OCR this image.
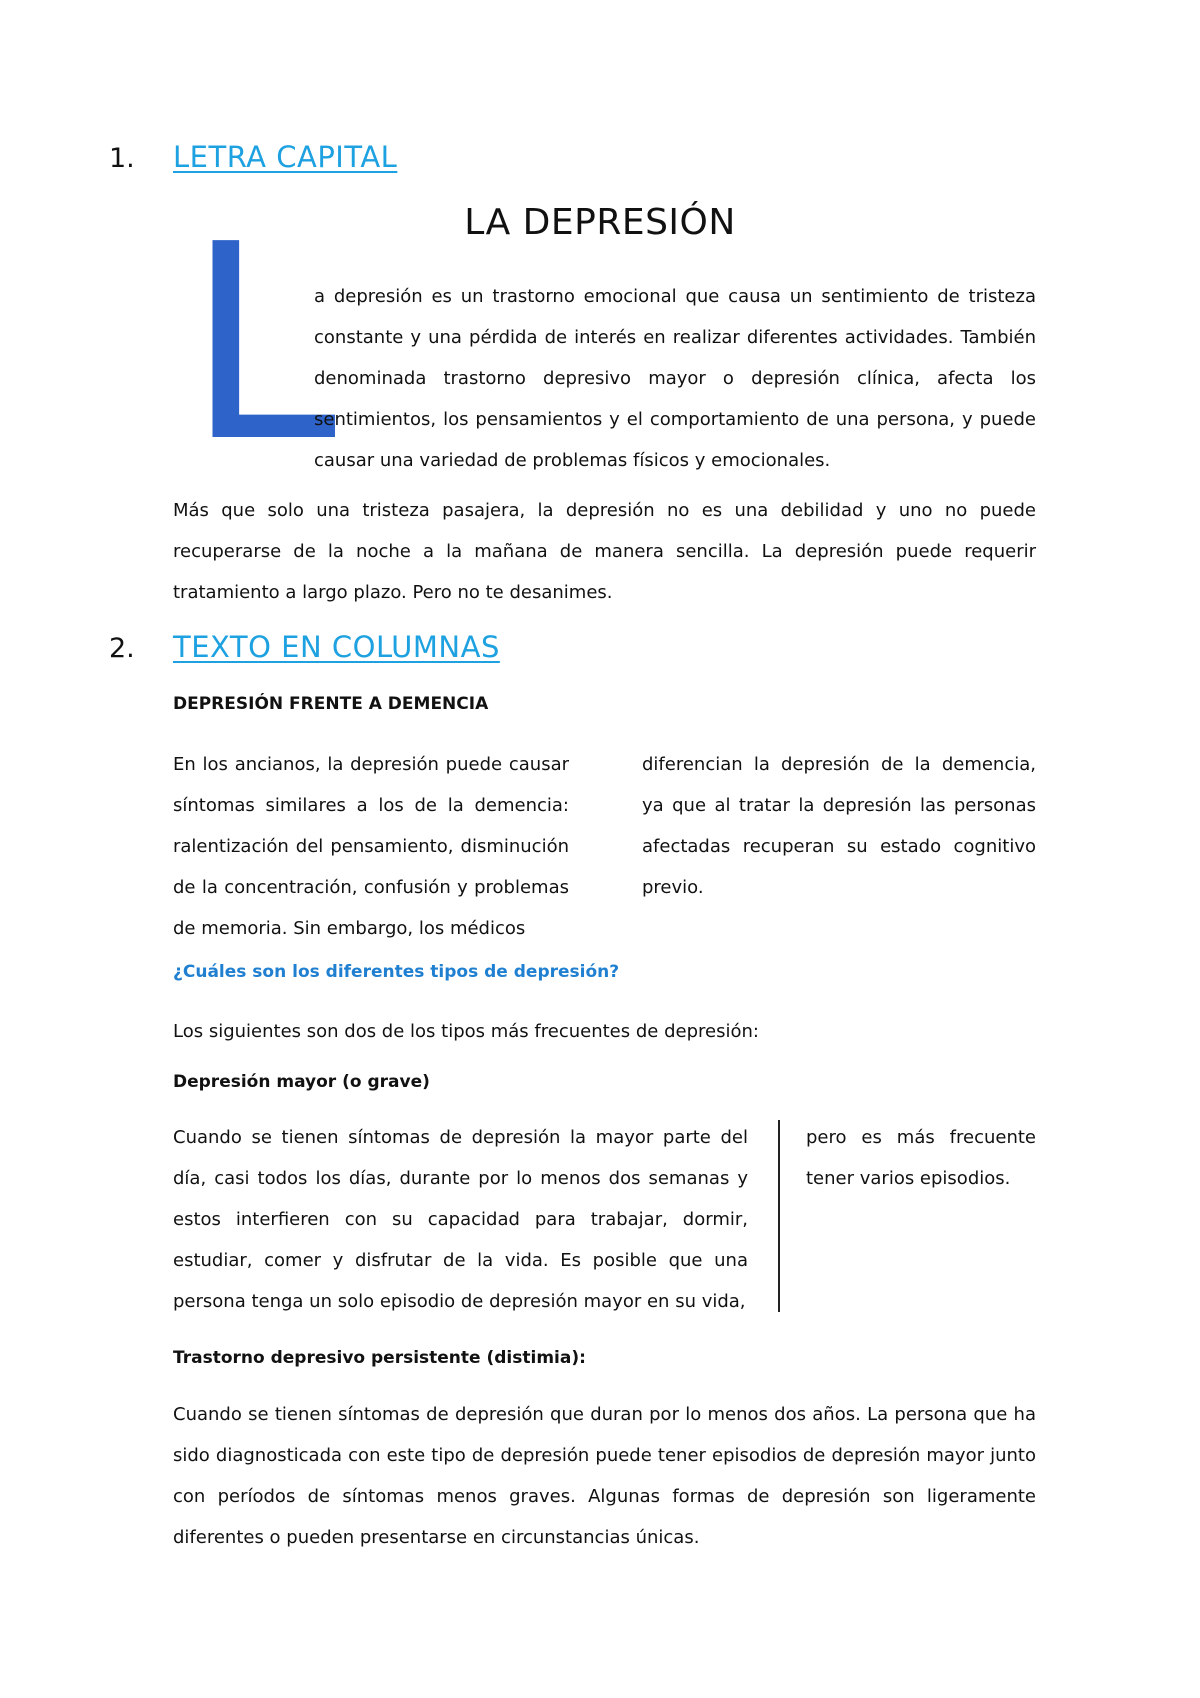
1.	LETRA CAPITAL
LA DEPRESIÓN
L

a depresión es un trastorno emocional que causa un sentimiento de tristeza constante y una pérdida de interés en realizar diferentes actividades. También denominada trastorno depresivo mayor o depresión clínica, afecta los sentimientos, los pensamientos y el comportamiento de una persona, y puede causar una variedad de problemas físicos y emocionales.

Más que solo una tristeza pasajera, la depresión no es una debilidad y uno no puede recuperarse de la noche a la mañana de manera sencilla. La depresión puede requerir tratamiento a largo plazo. Pero no te desanimes.

2.	TEXTO EN COLUMNAS
DEPRESIÓN FRENTE A DEMENCIA

En los ancianos, la depresión puede causar síntomas similares a los de la demencia: ralentización del pensamiento, disminución de la concentración, confusión y problemas de memoria. Sin embargo, los médicos

diferencian la depresión de la demencia, ya que al tratar la depresión las personas afectadas recuperan su estado cognitivo previo.

¿Cuáles son los diferentes tipos de depresión?

Los siguientes son dos de los tipos más frecuentes de depresión:

Depresión mayor (o grave)

Cuando se tienen síntomas de depresión la mayor parte del día, casi todos los días, durante por lo menos dos semanas y estos interfieren con su capacidad para trabajar, dormir, estudiar, comer y disfrutar de la vida. Es posible que una persona tenga un solo episodio de depresión mayor en su vida,

pero es más frecuente tener varios episodios.

Trastorno depresivo persistente (distimia):

Cuando se tienen síntomas de depresión que duran por lo menos dos años. La persona que ha sido diagnosticada con este tipo de depresión puede tener episodios de depresión mayor junto con períodos de síntomas menos graves. Algunas formas de depresión son ligeramente diferentes o pueden presentarse en circunstancias únicas.
